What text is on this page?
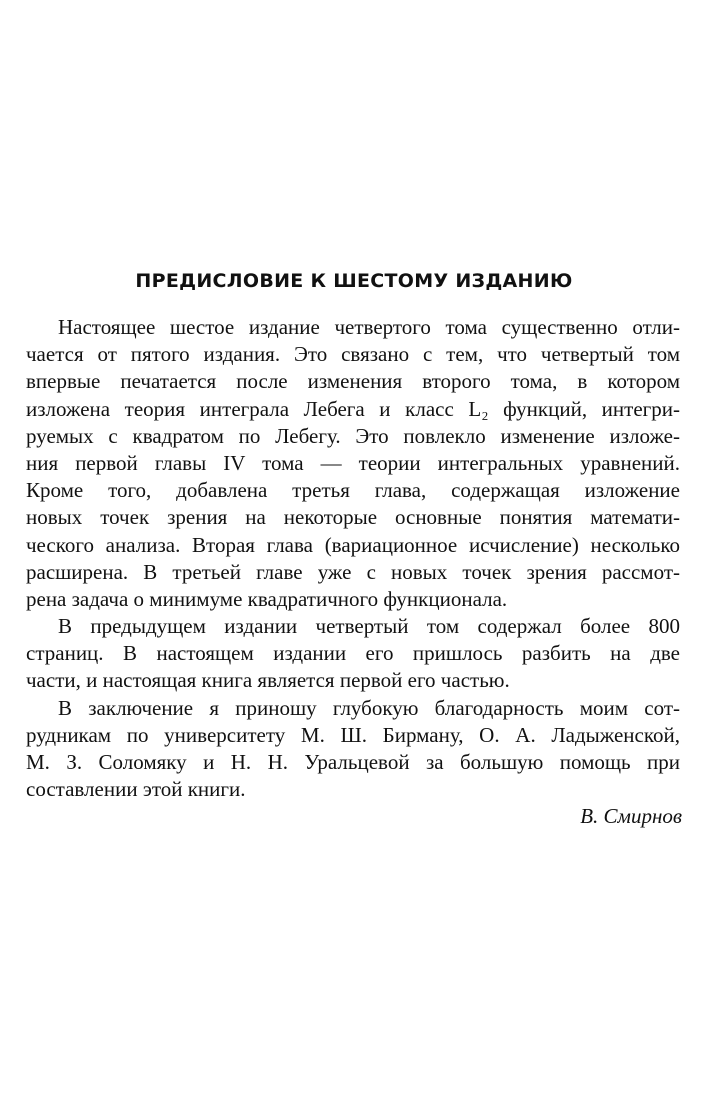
ПРЕДИСЛОВИЕ К ШЕСТОМУ ИЗДАНИЮ
Настоящее шестое издание четвертого тома существенно отли-
чается от пятого издания. Это связано с тем, что четвертый том
впервые печатается после изменения второго тома, в котором
изложена теория интеграла Лебега и класс L₂ функций, интегри-
руемых с квадратом по Лебегу. Это повлекло изменение изложе-
ния первой главы IV тома — теории интегральных уравнений.
Кроме того, добавлена третья глава, содержащая изложение
новых точек зрения на некоторые основные понятия математи-
ческого анализа. Вторая глава (вариационное исчисление) несколько
расширена. В третьей главе уже с новых точек зрения рассмот-
рена задача о минимуме квадратичного функционала.
В предыдущем издании четвертый том содержал более 800
страниц. В настоящем издании его пришлось разбить на две
части, и настоящая книга является первой его частью.
В заключение я приношу глубокую благодарность моим сот-
рудникам по университету М. Ш. Бирману, О. А. Ладыженской,
М. З. Соломяку и Н. Н. Уральцевой за большую помощь при
составлении этой книги.

В. Смирнов
